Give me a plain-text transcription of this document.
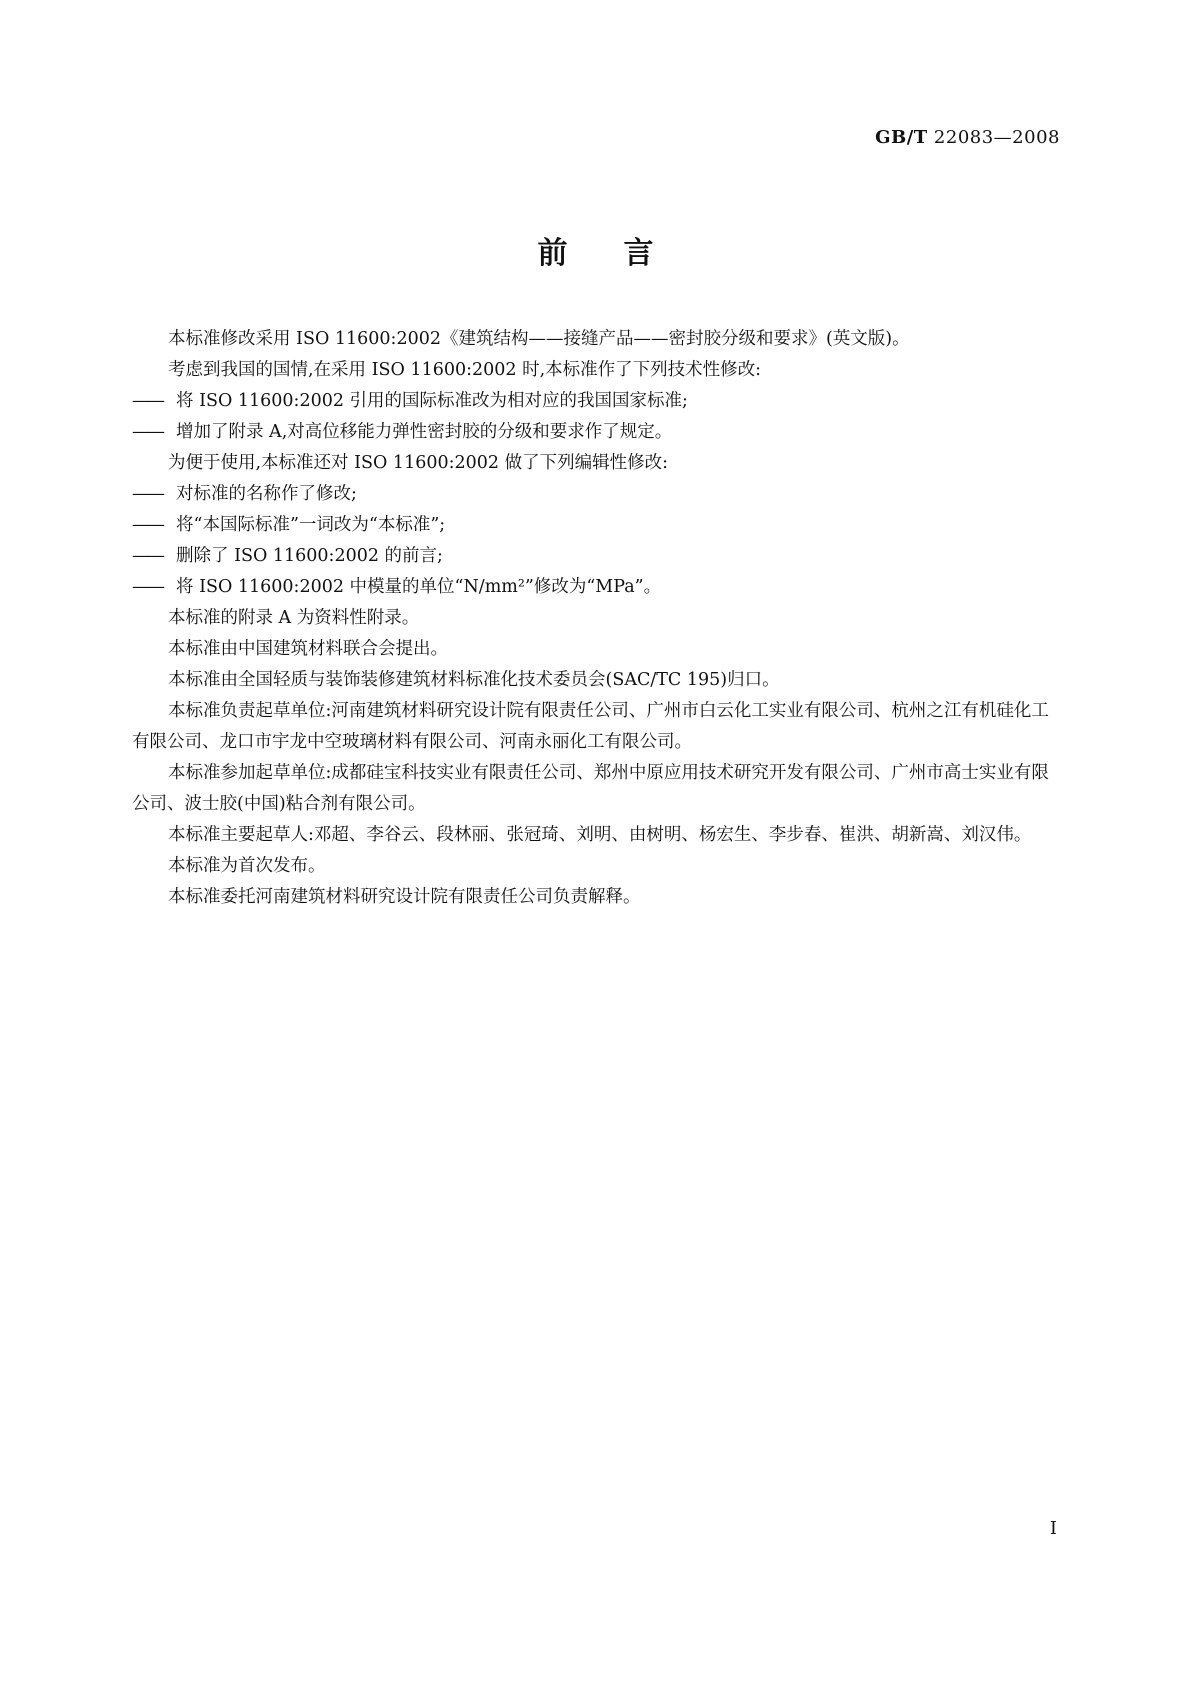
GB/T 22083—2008
前言

本标准修改采用 ISO 11600:2002《建筑结构——接缝产品——密封胶分级和要求》(英文版)。

考虑到我国的国情,在采用 ISO 11600:2002 时,本标准作了下列技术性修改:

—— 将 ISO 11600:2002 引用的国际标准改为相对应的我国国家标准;

—— 增加了附录 A,对高位移能力弹性密封胶的分级和要求作了规定。

为便于使用,本标准还对 ISO 11600:2002 做了下列编辑性修改:

—— 对标准的名称作了修改;

—— 将“本国际标准”一词改为“本标准”;

—— 删除了 ISO 11600:2002 的前言;

—— 将 ISO 11600:2002 中模量的单位“N/mm²”修改为“MPa”。

本标准的附录 A 为资料性附录。

本标准由中国建筑材料联合会提出。

本标准由全国轻质与装饰装修建筑材料标准化技术委员会(SAC/TC 195)归口。

本标准负责起草单位:河南建筑材料研究设计院有限责任公司、广州市白云化工实业有限公司、杭州之江有机硅化工有限公司、龙口市宇龙中空玻璃材料有限公司、河南永丽化工有限公司。

本标准参加起草单位:成都硅宝科技实业有限责任公司、郑州中原应用技术研究开发有限公司、广州市高士实业有限公司、波士胶(中国)粘合剂有限公司。

本标准主要起草人:邓超、李谷云、段林丽、张冠琦、刘明、由树明、杨宏生、李步春、崔洪、胡新嵩、刘汉伟。

本标准为首次发布。

本标准委托河南建筑材料研究设计院有限责任公司负责解释。

I
